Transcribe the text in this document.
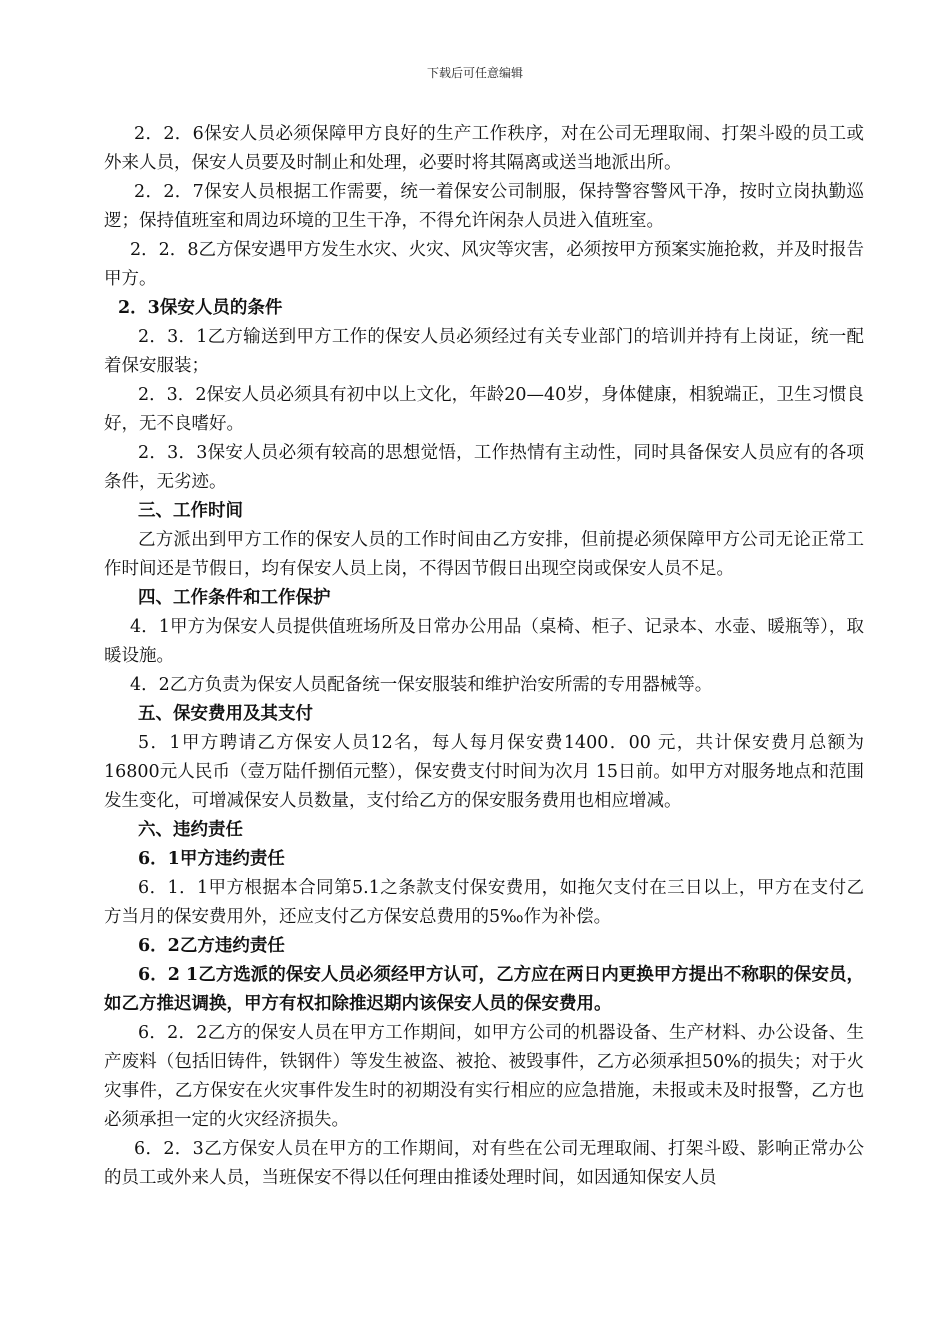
下载后可任意编辑

2．2．6保安人员必须保障甲方良好的生产工作秩序，对在公司无理取闹、打架斗殴的员工或外来人员，保安人员要及时制止和处理，必要时将其隔离或送当地派出所。

2．2．7保安人员根据工作需要，统一着保安公司制服，保持警容警风干净，按时立岗执勤巡逻；保持值班室和周边环境的卫生干净，不得允许闲杂人员进入值班室。

2．2．8乙方保安遇甲方发生水灾、火灾、风灾等灾害，必须按甲方预案实施抢救，并及时报告甲方。

2．3保安人员的条件

2．3．1乙方输送到甲方工作的保安人员必须经过有关专业部门的培训并持有上岗证，统一配着保安服装；

2．3．2保安人员必须具有初中以上文化，年龄20—40岁，身体健康，相貌端正，卫生习惯良好，无不良嗜好。

2．3．3保安人员必须有较高的思想觉悟，工作热情有主动性，同时具备保安人员应有的各项条件，无劣迹。

三、工作时间

乙方派出到甲方工作的保安人员的工作时间由乙方安排，但前提必须保障甲方公司无论正常工作时间还是节假日，均有保安人员上岗，不得因节假日出现空岗或保安人员不足。

四、工作条件和工作保护

4．1甲方为保安人员提供值班场所及日常办公用品（桌椅、柜子、记录本、水壶、暖瓶等），取暖设施。

4．2乙方负责为保安人员配备统一保安服装和维护治安所需的专用器械等。

五、保安费用及其支付

5．1甲方聘请乙方保安人员12名，每人每月保安费1400．00 元，共计保安费月总额为16800元人民币（壹万陆仟捌佰元整），保安费支付时间为次月 15日前。如甲方对服务地点和范围发生变化，可增减保安人员数量，支付给乙方的保安服务费用也相应增减。

六、违约责任

6．1甲方违约责任

6．1．1甲方根据本合同第5.1之条款支付保安费用，如拖欠支付在三日以上，甲方在支付乙方当月的保安费用外，还应支付乙方保安总费用的5‰作为补偿。

6．2乙方违约责任

6．2 1乙方选派的保安人员必须经甲方认可，乙方应在两日内更换甲方提出不称职的保安员，如乙方推迟调换，甲方有权扣除推迟期内该保安人员的保安费用。

6．2．2乙方的保安人员在甲方工作期间，如甲方公司的机器设备、生产材料、办公设备、生产废料（包括旧铸件，铁钢件）等发生被盗、被抢、被毁事件，乙方必须承担50%的损失；对于火灾事件，乙方保安在火灾事件发生时的初期没有实行相应的应急措施，未报或未及时报警，乙方也必须承担一定的火灾经济损失。

6．2．3乙方保安人员在甲方的工作期间，对有些在公司无理取闹、打架斗殴、影响正常办公的员工或外来人员，当班保安不得以任何理由推诿处理时间，如因通知保安人员
